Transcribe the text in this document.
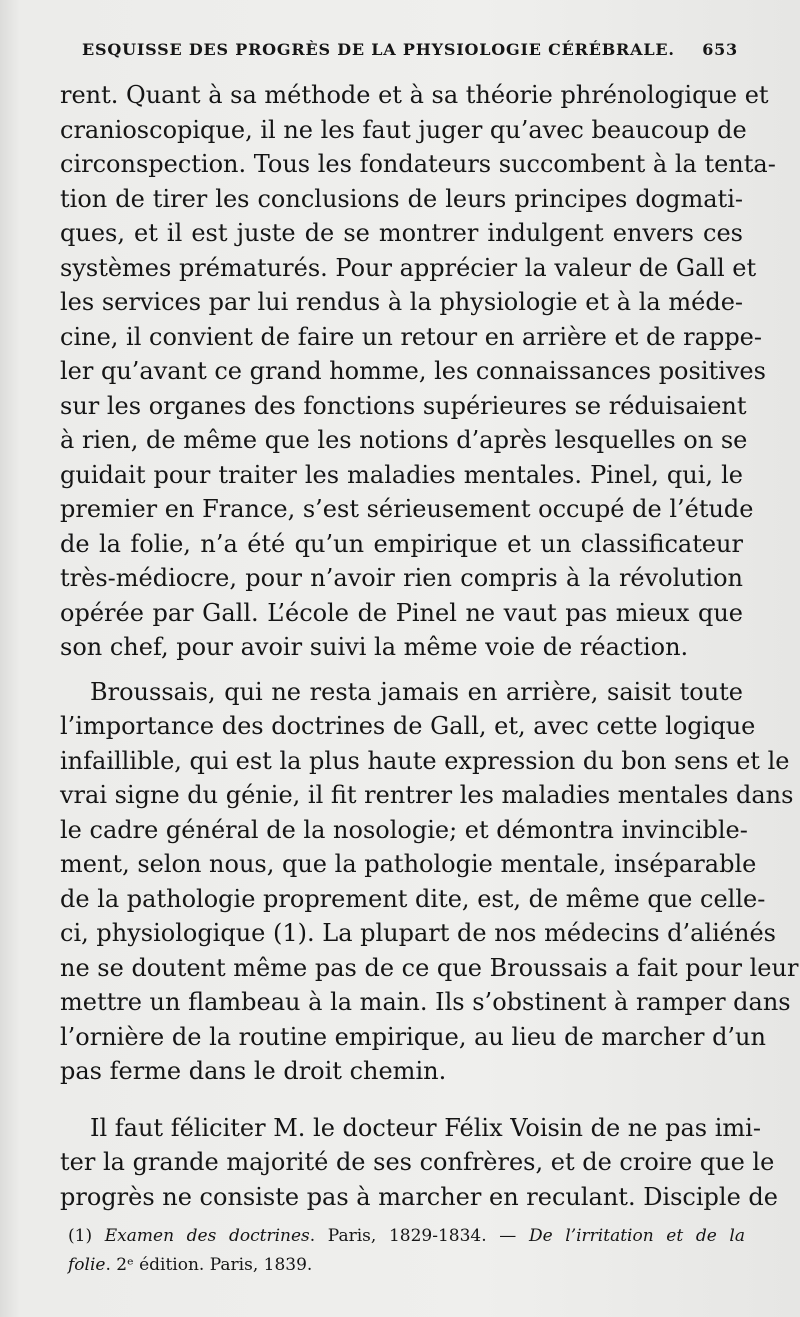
ESQUISSE DES PROGRÈS DE LA PHYSIOLOGIE CÉRÉBRALE. 653
rent. Quant à sa méthode et à sa théorie phrénologique et
cranioscopique, il ne les faut juger qu’avec beaucoup de
circonspection. Tous les fondateurs succombent à la tenta-
tion de tirer les conclusions de leurs principes dogmati-
ques, et il est juste de se montrer indulgent envers ces
systèmes prématurés. Pour apprécier la valeur de Gall et
les services par lui rendus à la physiologie et à la méde-
cine, il convient de faire un retour en arrière et de rappe-
ler qu’avant ce grand homme, les connaissances positives
sur les organes des fonctions supérieures se réduisaient
à rien, de même que les notions d’après lesquelles on se
guidait pour traiter les maladies mentales. Pinel, qui, le
premier en France, s’est sérieusement occupé de l’étude
de la folie, n’a été qu’un empirique et un classificateur
très-médiocre, pour n’avoir rien compris à la révolution
opérée par Gall. L’école de Pinel ne vaut pas mieux que
son chef, pour avoir suivi la même voie de réaction.
Broussais, qui ne resta jamais en arrière, saisit toute
l’importance des doctrines de Gall, et, avec cette logique
infaillible, qui est la plus haute expression du bon sens et le
vrai signe du génie, il fit rentrer les maladies mentales dans
le cadre général de la nosologie; et démontra invincible-
ment, selon nous, que la pathologie mentale, inséparable
de la pathologie proprement dite, est, de même que celle-
ci, physiologique (1). La plupart de nos médecins d’aliénés
ne se doutent même pas de ce que Broussais a fait pour leur
mettre un flambeau à la main. Ils s’obstinent à ramper dans
l’ornière de la routine empirique, au lieu de marcher d’un
pas ferme dans le droit chemin.
Il faut féliciter M. le docteur Félix Voisin de ne pas imi-
ter la grande majorité de ses confrères, et de croire que le
progrès ne consiste pas à marcher en reculant. Disciple de
(1) Examen des doctrines. Paris, 1829-1834. — De l’irritation et de la
folie. 2ᵉ édition. Paris, 1839.
